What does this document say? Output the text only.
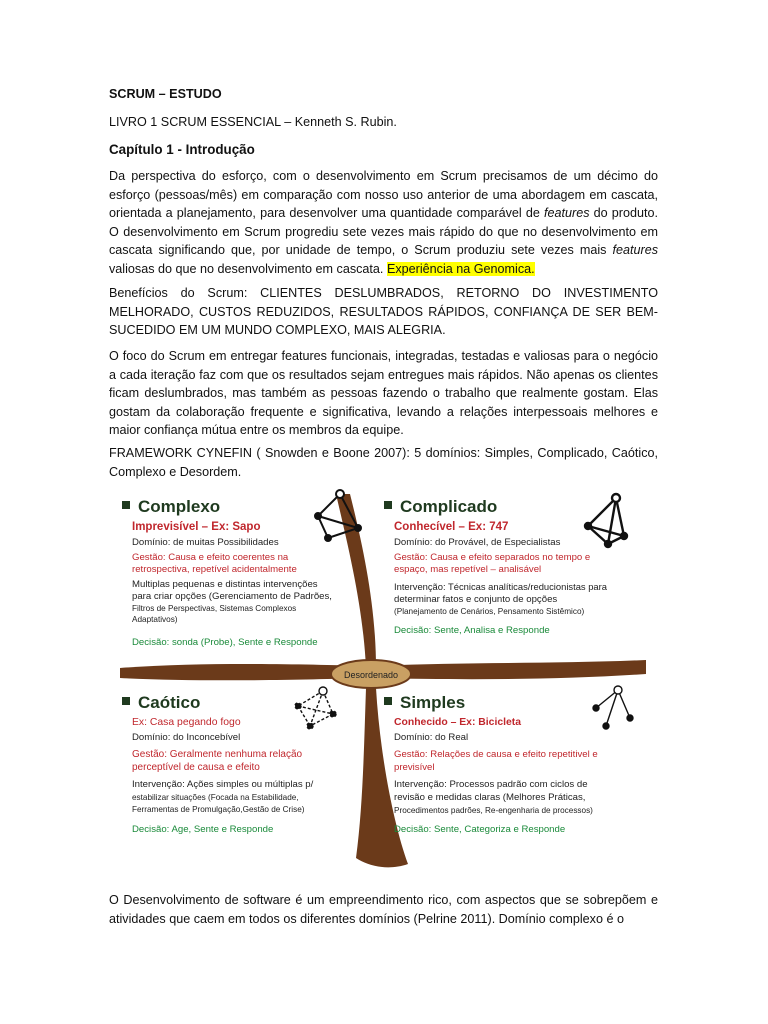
SCRUM – ESTUDO
LIVRO 1 SCRUM ESSENCIAL – Kenneth S. Rubin.
Capítulo 1 - Introdução
Da perspectiva do esforço, com o desenvolvimento em Scrum precisamos de um décimo do esforço (pessoas/mês) em comparação com nosso uso anterior de uma abordagem em cascata, orientada a planejamento, para desenvolver uma quantidade comparável de features do produto. O desenvolvimento em Scrum progrediu sete vezes mais rápido do que no desenvolvimento em cascata significando que, por unidade de tempo, o Scrum produziu sete vezes mais features valiosas do que no desenvolvimento em cascata. Experiência na Genomica.
Benefícios do Scrum: CLIENTES DESLUMBRADOS, RETORNO DO INVESTIMENTO MELHORADO, CUSTOS REDUZIDOS, RESULTADOS RÁPIDOS, CONFIANÇA DE SER BEM-SUCEDIDO EM UM MUNDO COMPLEXO, MAIS ALEGRIA.
O foco do Scrum em entregar features funcionais, integradas, testadas e valiosas para o negócio a cada iteração faz com que os resultados sejam entregues mais rápidos. Não apenas os clientes ficam deslumbrados, mas também as pessoas fazendo o trabalho que realmente gostam. Elas gostam da colaboração frequente e significativa, levando a relações interpessoais melhores e maior confiança mútua entre os membros da equipe.
FRAMEWORK CYNEFIN ( Snowden e Boone 2007): 5 domínios: Simples, Complicado, Caótico, Complexo e Desordem.
Desordenado
Complexo
Imprevisível – Ex: Sapo
Domínio: de muitas Possibilidades
Gestão: Causa e efeito coerentes na
retrospectiva, repetível acidentalmente
Multiplas pequenas e distintas intervenções
para criar opções (Gerenciamento de Padrões,
Filtros de Perspectivas, Sistemas Complexos
Adaptativos)
Decisão: sonda (Probe), Sente e Responde
Complicado
Conhecível – Ex: 747
Domínio: do Provável, de Especialistas
Gestão: Causa e efeito separados no tempo e
espaço, mas repetível – analisável
Intervenção: Técnicas analíticas/reducionistas para
determinar fatos e conjunto de opções
(Planejamento de Cenários, Pensamento Sistêmico)
Decisão: Sente, Analisa e Responde
Caótico
Ex: Casa pegando fogo
Domínio: do Inconcebível
Gestão: Geralmente nenhuma relação
perceptível de causa e efeito
Intervenção: Ações simples ou múltiplas p/
estabilizar situações (Focada na Estabilidade,
Ferramentas de Promulgação,Gestão de Crise)
Decisão: Age, Sente e Responde
Simples
Conhecido – Ex: Bicicleta
Domínio: do Real
Gestão: Relações de causa e efeito repetitivel e
previsível
Intervenção: Processos padrão com ciclos de
revisão e medidas claras (Melhores Práticas,
Procedimentos padrões, Re-engenharia de processos)
Decisão: Sente, Categoriza e Responde
O Desenvolvimento de software é um empreendimento rico, com aspectos que se sobrepõem e atividades que caem em todos os diferentes domínios (Pelrine 2011). Domínio complexo é o
